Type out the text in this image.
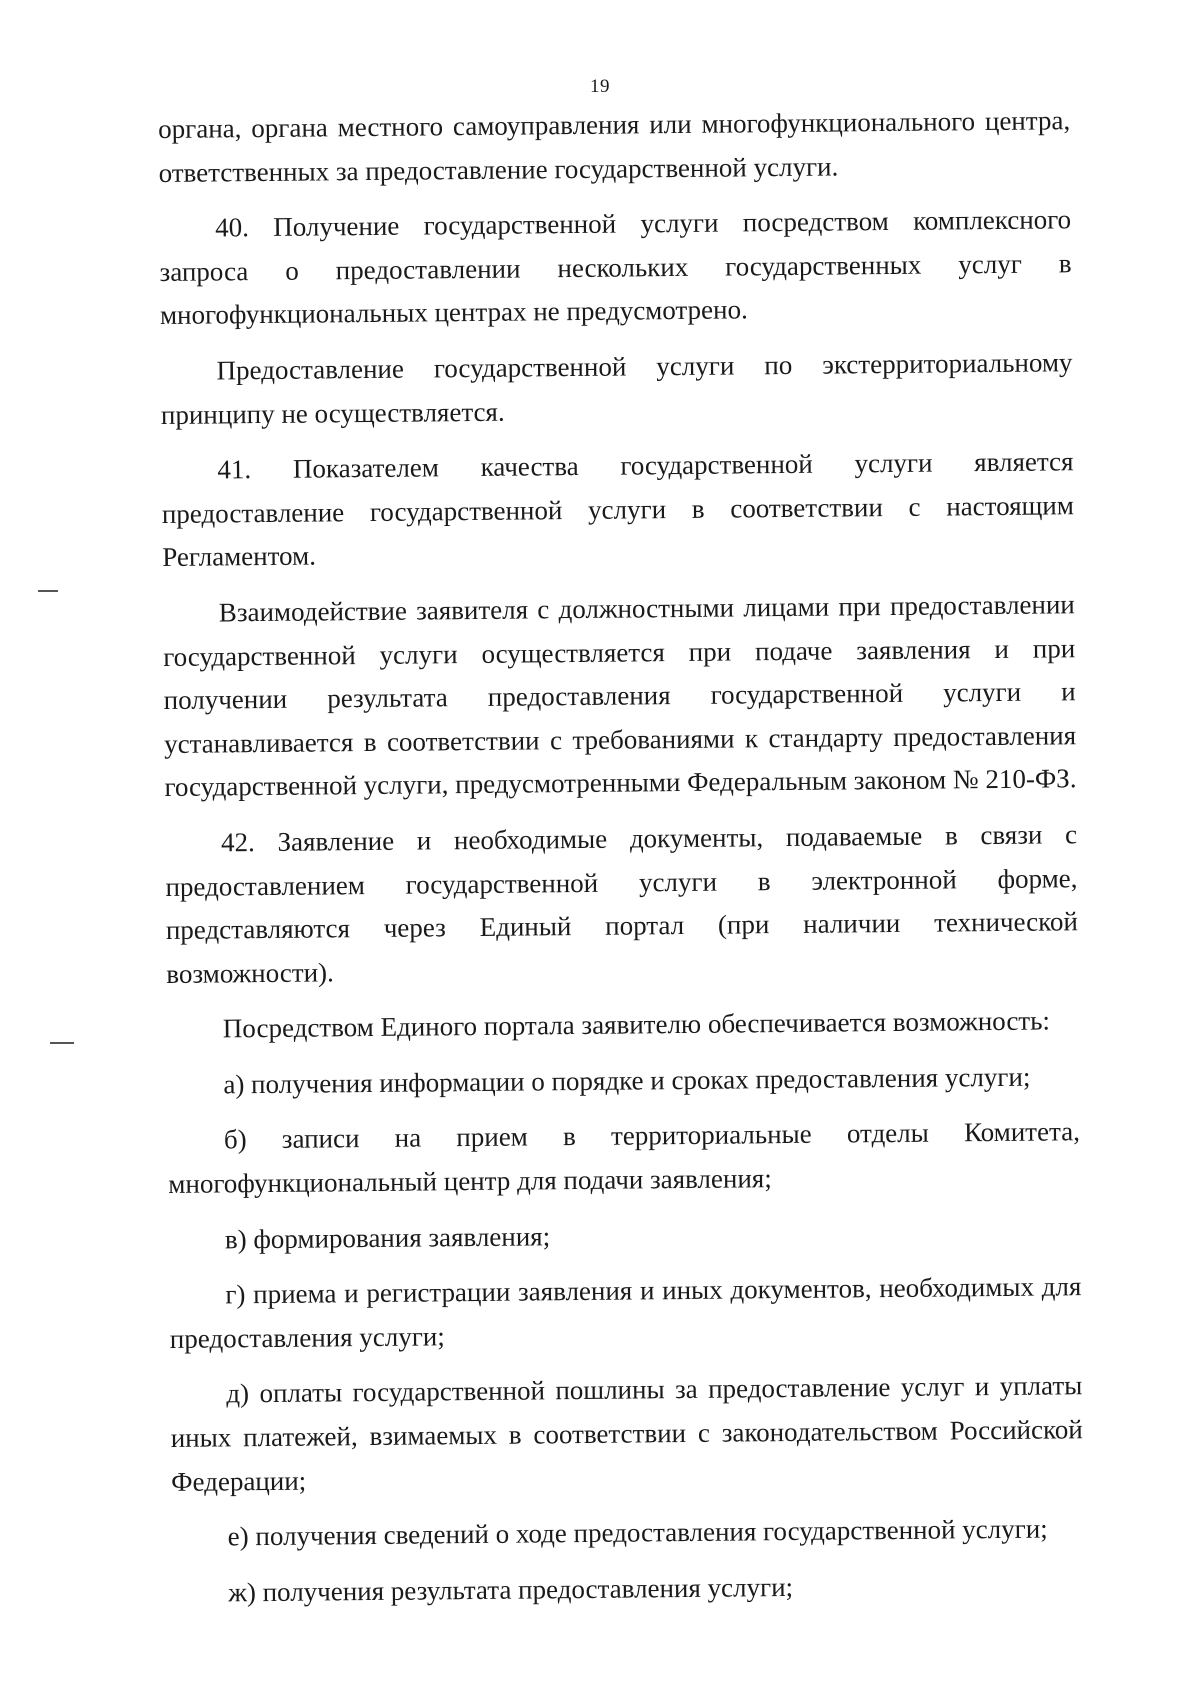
19

органа, органа местного самоуправления или многофункционального центра, ответственных за предоставление государственной услуги.

40. Получение государственной услуги посредством комплексного запроса о предоставлении нескольких государственных услуг в многофункциональных центрах не предусмотрено.

Предоставление государственной услуги по экстерриториальному принципу не осуществляется.

41. Показателем качества государственной услуги является предоставление государственной услуги в соответствии с настоящим Регламентом.

Взаимодействие заявителя с должностными лицами при предоставлении государственной услуги осуществляется при подаче заявления и при получении результата предоставления государственной услуги и устанавливается в соответствии с требованиями к стандарту предоставления государственной услуги, предусмотренными Федеральным законом № 210-ФЗ.

42. Заявление и необходимые документы, подаваемые в связи с предоставлением государственной услуги в электронной форме, представляются через Единый портал (при наличии технической возможности).

Посредством Единого портала заявителю обеспечивается возможность:

а) получения информации о порядке и сроках предоставления услуги;

б) записи на прием в территориальные отделы Комитета, многофункциональный центр для подачи заявления;

в) формирования заявления;

г) приема и регистрации заявления и иных документов, необходимых для предоставления услуги;

д) оплаты государственной пошлины за предоставление услуг и уплаты иных платежей, взимаемых в соответствии с законодательством Российской Федерации;

е) получения сведений о ходе предоставления государственной услуги;

ж) получения результата предоставления услуги;
